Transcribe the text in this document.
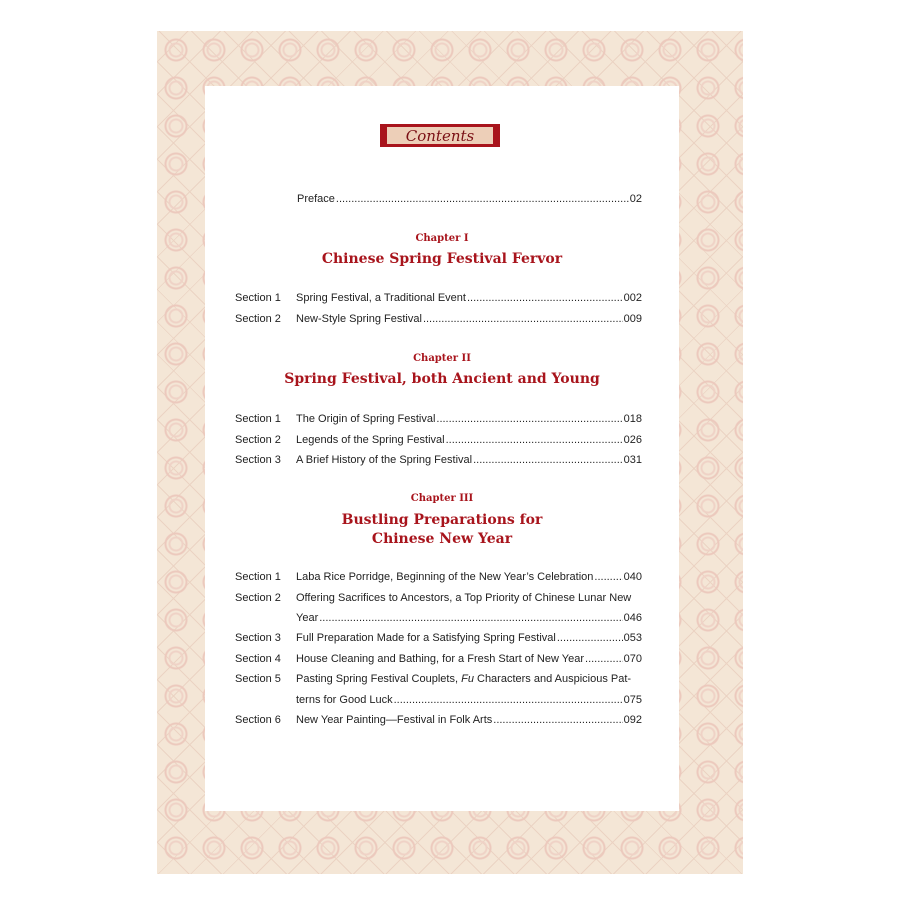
Contents
Preface .....	02
Chapter I
Chinese Spring Festival Fervor
Section 1	Spring Festival, a Traditional Event .....	002
Section 2	New-Style Spring Festival .....	009
Chapter II
Spring Festival, both Ancient and Young
Section 1	The Origin of Spring Festival .....	018
Section 2	Legends of the Spring Festival .....	026
Section 3	A Brief History of the Spring Festival .....	031
Chapter III
Bustling Preparations for
Chinese New Year
Section 1	Laba Rice Porridge, Beginning of the New Year’s Celebration .....	040
Section 2	Offering Sacrifices to Ancestors, a Top Priority of Chinese Lunar New
Year .....	046
Section 3	Full Preparation Made for a Satisfying Spring Festival .....	053
Section 4	House Cleaning and Bathing, for a Fresh Start of New Year .....	070
Section 5	Pasting Spring Festival Couplets, Fu Characters and Auspicious Pat-
terns for Good Luck .....	075
Section 6	New Year Painting—Festival in Folk Arts .....	092
